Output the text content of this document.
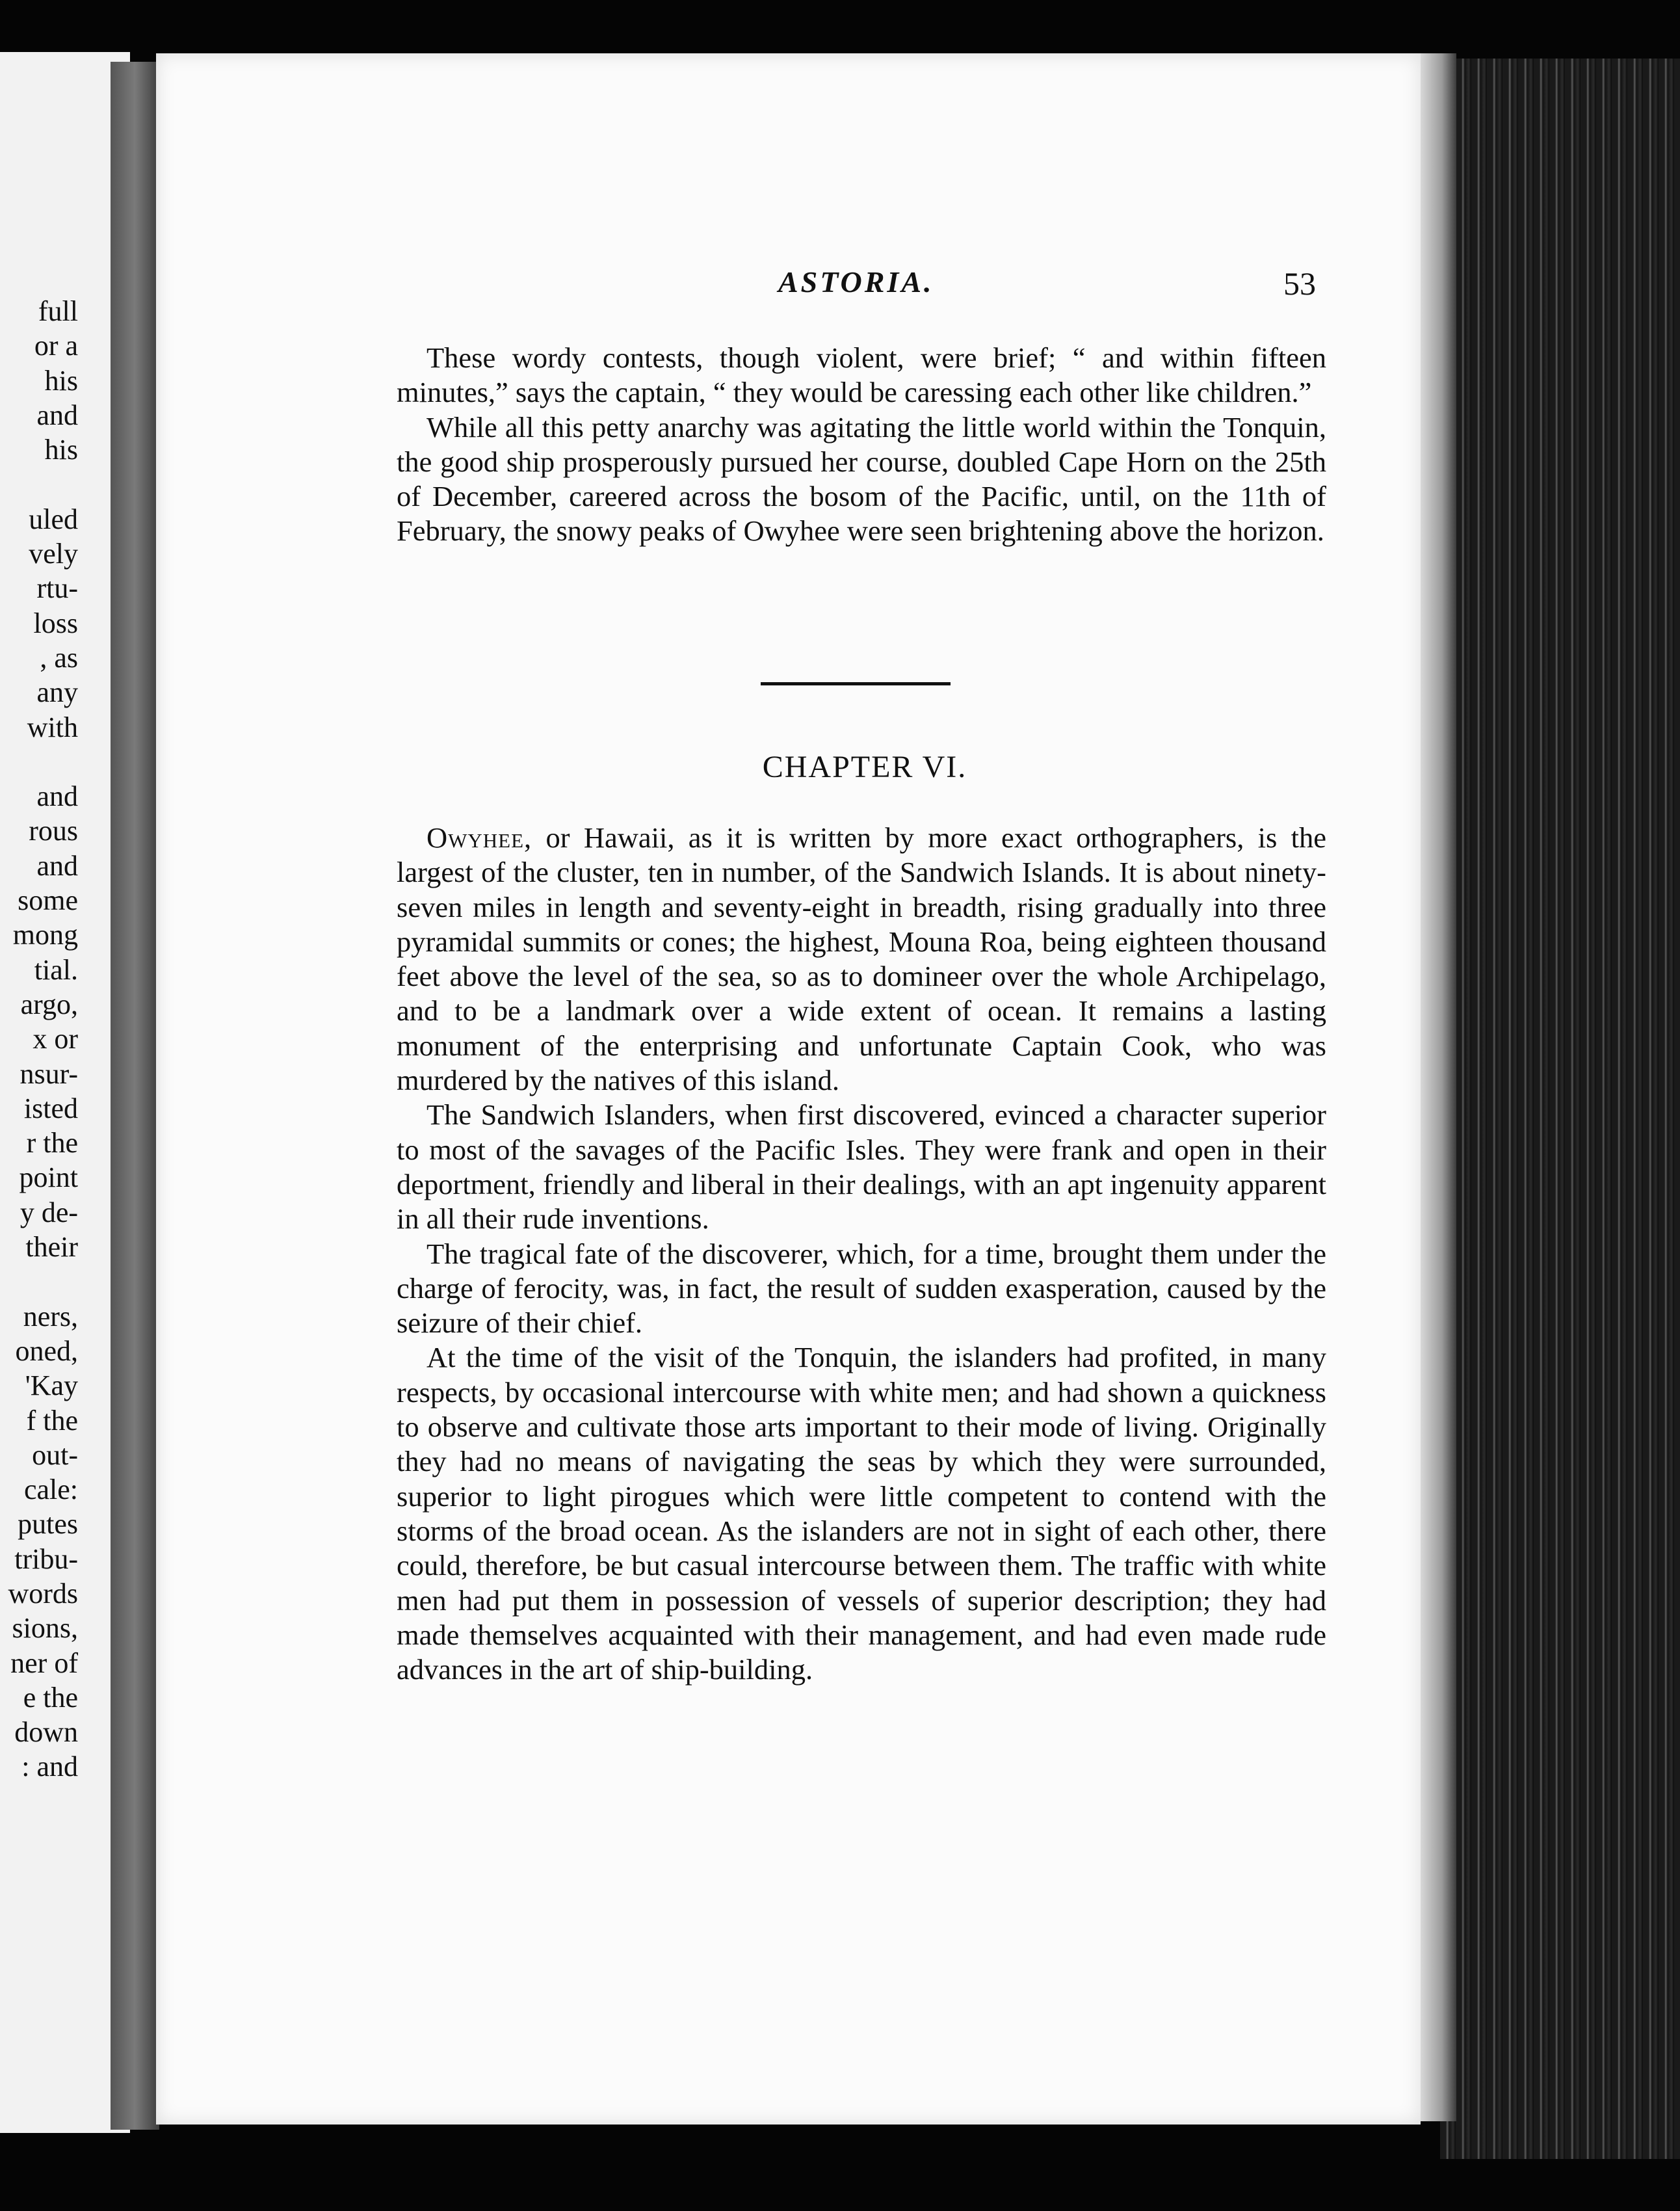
full
or a
his
and
his

uled
vely
rtu-
loss
, as
any
with

and
rous
and
some
mong
tial.
argo,
x or
nsur-
isted
r the
point
y de-
their

ners,
oned,
'Kay
f the
out-
cale:
putes
tribu-
words
sions,
ner of
e the
down
: and
ASTORIA.	53

These wordy contests, though violent, were brief; “ and within fifteen minutes,” says the captain, “ they would be caressing each other like children.”

While all this petty anarchy was agitating the little world within the Tonquin, the good ship prosperously pursued her course, doubled Cape Horn on the 25th of December, careered across the bosom of the Pacific, until, on the 11th of February, the snowy peaks of Owyhee were seen brightening above the horizon.

CHAPTER VI.

Owyhee, or Hawaii, as it is written by more exact orthographers, is the largest of the cluster, ten in number, of the Sandwich Islands. It is about ninety-seven miles in length and seventy-eight in breadth, rising gradually into three pyramidal summits or cones; the highest, Mouna Roa, being eighteen thousand feet above the level of the sea, so as to domineer over the whole Archipelago, and to be a landmark over a wide extent of ocean. It remains a lasting monument of the enterprising and unfortunate Captain Cook, who was murdered by the natives of this island.

The Sandwich Islanders, when first discovered, evinced a character superior to most of the savages of the Pacific Isles. They were frank and open in their deportment, friendly and liberal in their dealings, with an apt ingenuity apparent in all their rude inventions.

The tragical fate of the discoverer, which, for a time, brought them under the charge of ferocity, was, in fact, the result of sudden exasperation, caused by the seizure of their chief.

At the time of the visit of the Tonquin, the islanders had profited, in many respects, by occasional intercourse with white men; and had shown a quickness to observe and cultivate those arts important to their mode of living. Originally they had no means of navigating the seas by which they were surrounded, superior to light pirogues which were little competent to contend with the storms of the broad ocean. As the islanders are not in sight of each other, there could, therefore, be but casual intercourse between them. The traffic with white men had put them in possession of vessels of superior description; they had made themselves acquainted with their management, and had even made rude advances in the art of ship-building.
